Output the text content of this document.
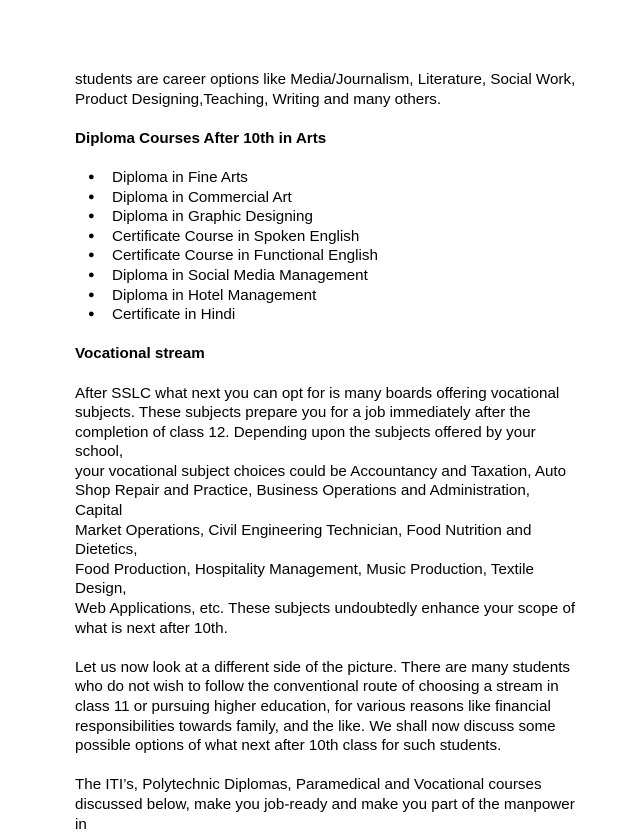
students are career options like Media/Journalism, Literature, Social Work,
Product Designing,Teaching, Writing and many others.

Diploma Courses After 10th in Arts

●	Diploma in Fine Arts
●	Diploma in Commercial Art
●	Diploma in Graphic Designing
●	Certificate Course in Spoken English
●	Certificate Course in Functional English
●	Diploma in Social Media Management
●	Diploma in Hotel Management
●	Certificate in Hindi

Vocational stream

After SSLC what next you can opt for is many boards offering vocational
subjects. These subjects prepare you for a job immediately after the
completion of class 12. Depending upon the subjects offered by your school,
your vocational subject choices could be Accountancy and Taxation, Auto
Shop Repair and Practice, Business Operations and Administration, Capital
Market Operations, Civil Engineering Technician, Food Nutrition and Dietetics,
Food Production, Hospitality Management, Music Production, Textile Design,
Web Applications, etc. These subjects undoubtedly enhance your scope of
what is next after 10th.

Let us now look at a different side of the picture. There are many students
who do not wish to follow the conventional route of choosing a stream in
class 11 or pursuing higher education, for various reasons like financial
responsibilities towards family, and the like. We shall now discuss some
possible options of what next after 10th class for such students.

The ITI’s, Polytechnic Diplomas, Paramedical and Vocational courses
discussed below, make you job-ready and make you part of the manpower in
